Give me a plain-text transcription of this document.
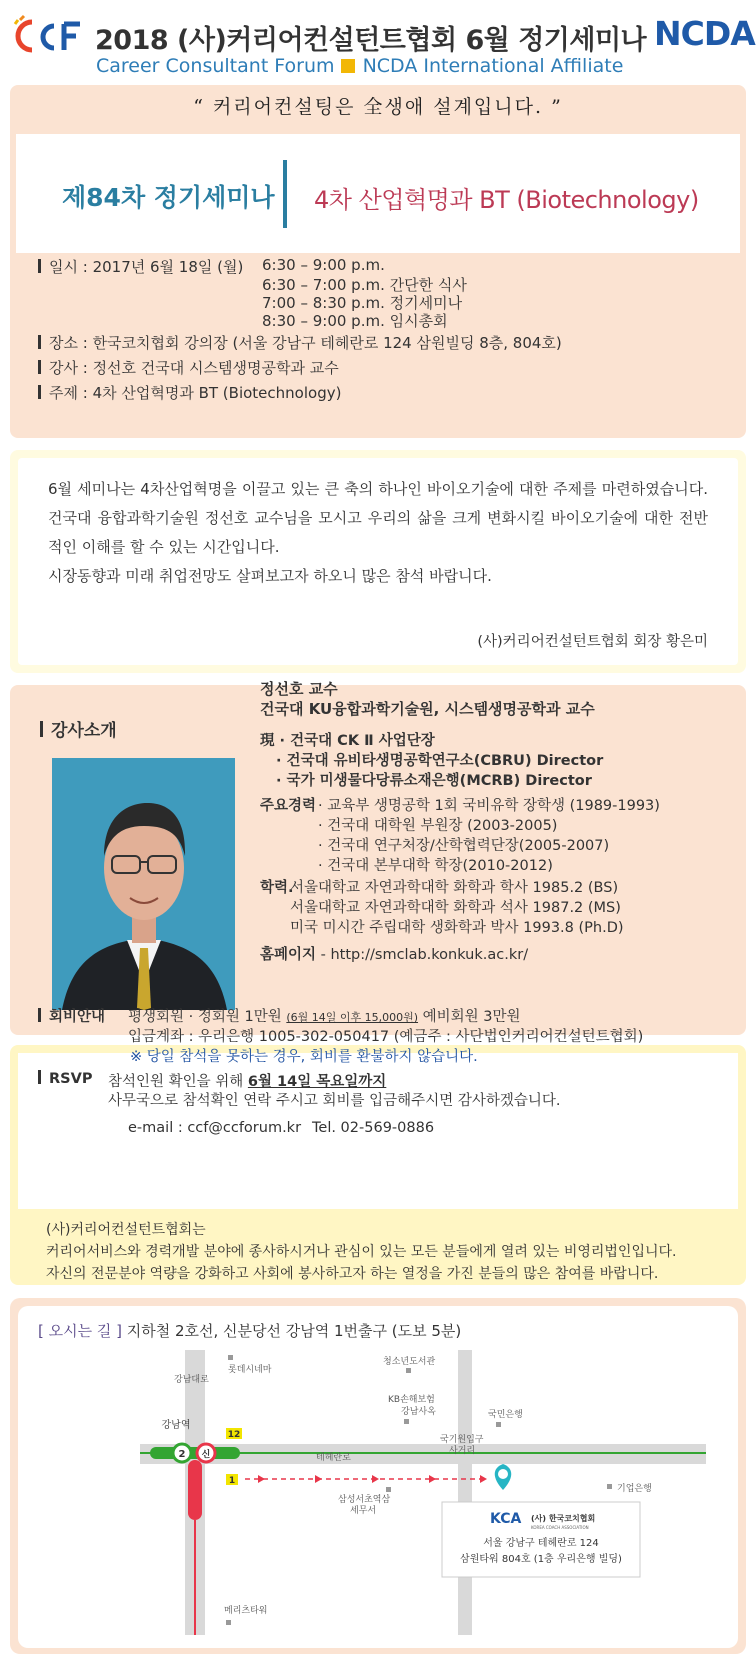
2018 (사)커리어컨설턴트협회 6월 정기세미나 NCDA
Career Consultant Forum NCDA International Affiliate
“ 커리어컨설팅은 全생애 설계입니다. ”
제84차 정기세미나 4차 산업혁명과 BT (Biotechnology)
일시 : 2017년 6월 18일 (월) 6:30 – 9:00 p.m.
6:30 – 7:00 p.m. 간단한 식사
7:00 – 8:30 p.m. 정기세미나
8:30 – 9:00 p.m. 임시총회
장소 : 한국코치협회 강의장 (서울 강남구 테헤란로 124 삼원빌딩 8층, 804호)
강사 : 정선호 건국대 시스템생명공학과 교수
주제 : 4차 산업혁명과 BT (Biotechnology)

6월 세미나는 4차산업혁명을 이끌고 있는 큰 축의 하나인 바이오기술에 대한 주제를 마련하였습니다. 건국대 융합과학기술원 정선호 교수님을 모시고 우리의 삶을 크게 변화시킬 바이오기술에 대한 전반적인 이해를 할 수 있는 시간입니다.

시장동향과 미래 취업전망도 살펴보고자 하오니 많은 참석 바랍니다.

(사)커리어컨설턴트협회 회장 황은미
강사소개
정선호 교수
건국대 KU융합과학기술원, 시스템생명공학과 교수
現 · 건국대 CK Ⅱ 사업단장
· 건국대 유비타생명공학연구소(CBRU) Director
· 국가 미생물다당류소재은행(MCRB) Director
주요경력 · 교육부 생명공학 1회 국비유학 장학생 (1989-1993)
· 건국대 대학원 부원장 (2003-2005)
· 건국대 연구처장/산학협력단장(2005-2007)
· 건국대 본부대학 학장(2010-2012)
학력.
서울대학교 자연과학대학 화학과 학사 1985.2 (BS)
서울대학교 자연과학대학 화학과 석사 1987.2 (MS)
미국 미시간 주립대학 생화학과 박사 1993.8 (Ph.D)
홈페이지 - http://smclab.konkuk.ac.kr/
회비안내 평생회원 · 정회원 1만원 (6월 14일 이후 15,000원) 예비회원 3만원
입금계좌 : 우리은행 1005-302-050417 (예금주 : 사단법인커리어컨설턴트협회)
※ 당일 참석을 못하는 경우, 회비를 환불하지 않습니다.
RSVP 참석인원 확인을 위해 6월 14일 목요일까지
사무국으로 참석확인 연락 주시고 회비를 입금해주시면 감사하겠습니다.
e-mail : ccf@ccforum.kr Tel. 02-569-0886
(사)커리어컨설턴트협회는
커리어서비스와 경력개발 분야에 종사하시거나 관심이 있는 모든 분들에게 열려 있는 비영리법인입니다.
자신의 전문분야 역량을 강화하고 사회에 봉사하고자 하는 열정을 가진 분들의 많은 참여를 바랍니다.
[ 오시는 길 ] 지하철 2호선, 신분당선 강남역 1번출구 (도보 5분)
2 신
12
1
강남역
강남대로
롯데시네마
청소년도서관
KB손해보험
강남사옥	국민은행
테헤란로
국기원입구
사거리
기업은행
삼성서초역삼
세무서
메리츠타워
KCA (사) 한국코치협회
KOREA COACH ASSOCIATION
서울 강남구 테헤란로 124
삼원타워 804호 (1층 우리은행 빌딩)
